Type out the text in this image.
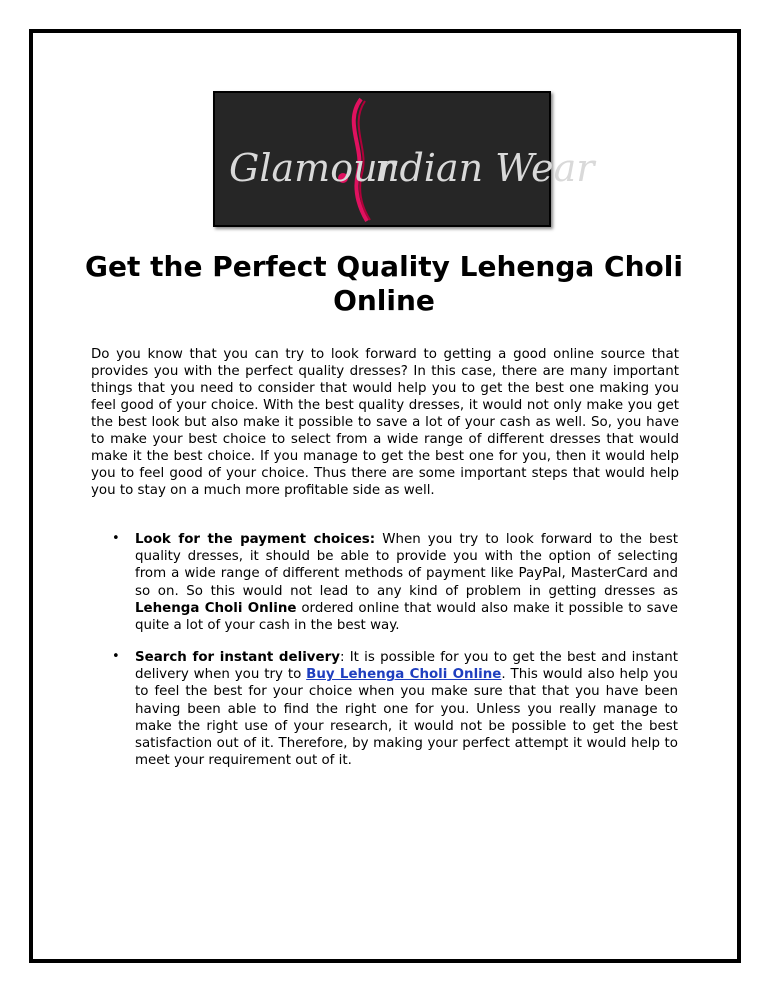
Glamour
ndian Wear
Get the Perfect Quality Lehenga Choli Online

Do you know that you can try to look forward to getting a good online source that provides you with the perfect quality dresses? In this case, there are many important things that you need to consider that would help you to get the best one making you feel good of your choice. With the best quality dresses, it would not only make you get the best look but also make it possible to save a lot of your cash as well. So, you have to make your best choice to select from a wide range of different dresses that would make it the best choice. If you manage to get the best one for you, then it would help you to feel good of your choice. Thus there are some important steps that would help you to stay on a much more profitable side as well.

• Look for the payment choices: When you try to look forward to the best quality dresses, it should be able to provide you with the option of selecting from a wide range of different methods of payment like PayPal, MasterCard and so on. So this would not lead to any kind of problem in getting dresses as Lehenga Choli Online ordered online that would also make it possible to save quite a lot of your cash in the best way.

• Search for instant delivery: It is possible for you to get the best and instant delivery when you try to Buy Lehenga Choli Online. This would also help you to feel the best for your choice when you make sure that that you have been having been able to find the right one for you. Unless you really manage to make the right use of your research, it would not be possible to get the best satisfaction out of it. Therefore, by making your perfect attempt it would help to meet your requirement out of it.
